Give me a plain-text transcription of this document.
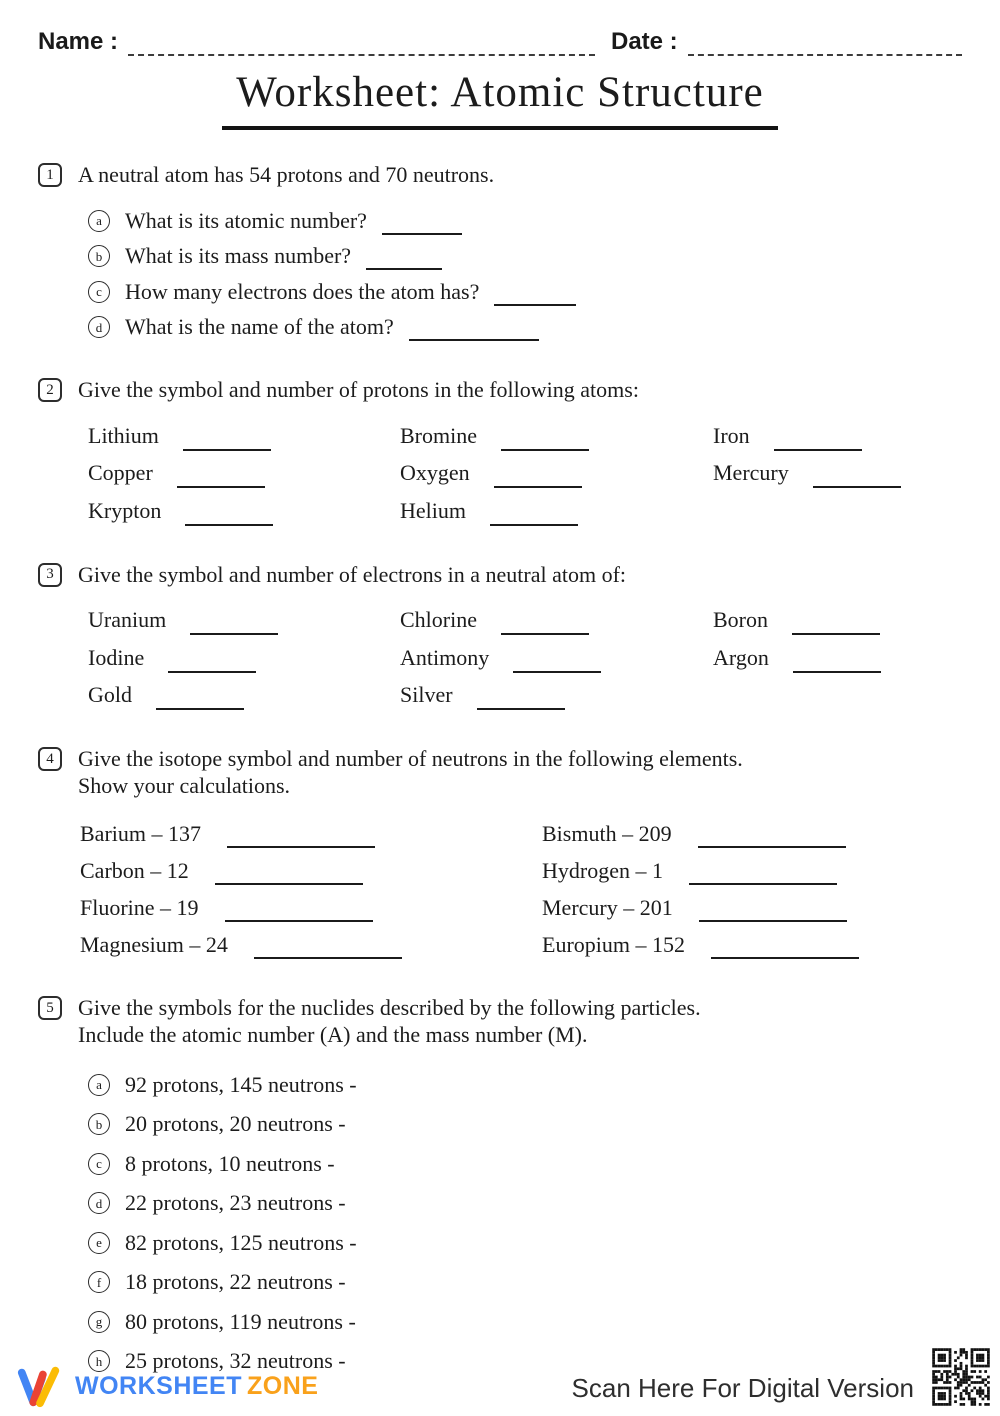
Name :	Date :
Worksheet: Atomic Structure
1	A neutral atom has 54 protons and 70 neutrons.
a	What is its atomic number?
b	What is its mass number?
c	How many electrons does the atom has?
d	What is the name of the atom?
2	Give the symbol and number of protons in the following atoms:
Lithium	Bromine	Iron
Copper	Oxygen	Mercury
Krypton	Helium
3	Give the symbol and number of electrons in a neutral atom of:
Uranium	Chlorine	Boron
Iodine	Antimony	Argon
Gold	Silver
4	Give the isotope symbol and number of neutrons in the following elements.
Show your calculations.
Barium – 137	Bismuth – 209
Carbon – 12	Hydrogen – 1
Fluorine – 19	Mercury – 201
Magnesium – 24	Europium – 152
5	Give the symbols for the nuclides described by the following particles.
Include the atomic number (A) and the mass number (M).
a	92 protons, 145 neutrons -
b	20 protons, 20 neutrons -
c	8 protons, 10 neutrons -
d	22 protons, 23 neutrons -
e	82 protons, 125 neutrons -
f	18 protons, 22 neutrons -
g	80 protons, 119 neutrons -
h	25 protons, 32 neutrons -
WORKSHEET ZONE	Scan Here For Digital Version
